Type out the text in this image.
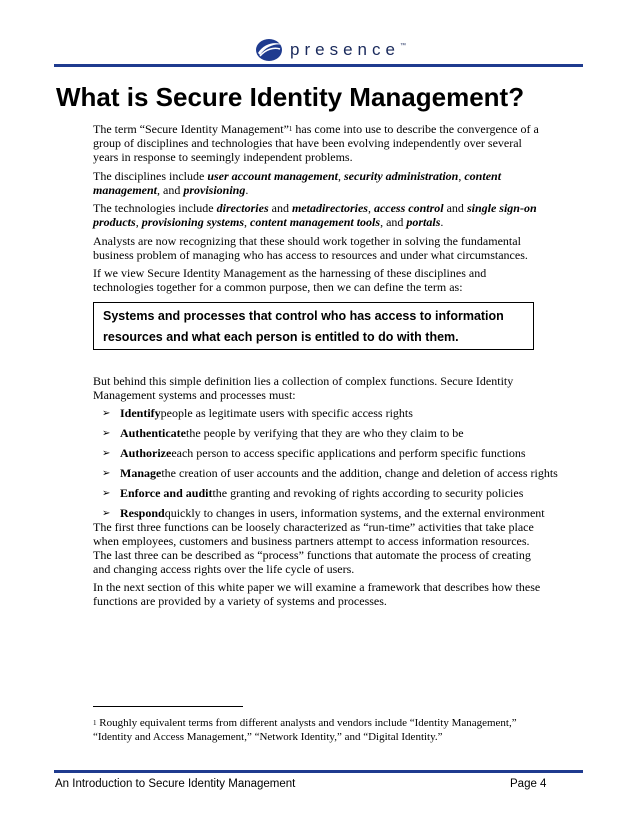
presence™
What is Secure Identity Management?

The term “Secure Identity Management”$^1$ has come into use to describe the convergence of a group of disciplines and technologies that have been evolving independently over several years in response to seemingly independent problems.

The disciplines include user account management, security administration, content management, and provisioning.

The technologies include directories and metadirectories, access control and single sign-on products, provisioning systems, content management tools, and portals.

Analysts are now recognizing that these should work together in solving the fundamental business problem of managing who has access to resources and under what circumstances.

If we view Secure Identity Management as the harnessing of these disciplines and technologies together for a common purpose, then we can define the term as:

Systems and processes that control who has access to information
resources and what each person is entitled to do with them.

But behind this simple definition lies a collection of complex functions. Secure Identity Management systems and processes must:

➢ Identify people as legitimate users with specific access rights
➢ Authenticate the people by verifying that they are who they claim to be
➢ Authorize each person to access specific applications and perform specific functions
➢ Manage the creation of user accounts and the addition, change and deletion of access rights
➢ Enforce and audit the granting and revoking of rights according to security policies
➢ Respond quickly to changes in users, information systems, and the external environment

The first three functions can be loosely characterized as “run-time” activities that take place when employees, customers and business partners attempt to access information resources. The last three can be described as “process” functions that automate the process of creating and changing access rights over the life cycle of users.

In the next section of this white paper we will examine a framework that describes how these functions are provided by a variety of systems and processes.

$^1$ Roughly equivalent terms from different analysts and vendors include “Identity Management,” “Identity and Access Management,” “Network Identity,” and “Digital Identity.”

An Introduction to Secure Identity Management	Page 4
